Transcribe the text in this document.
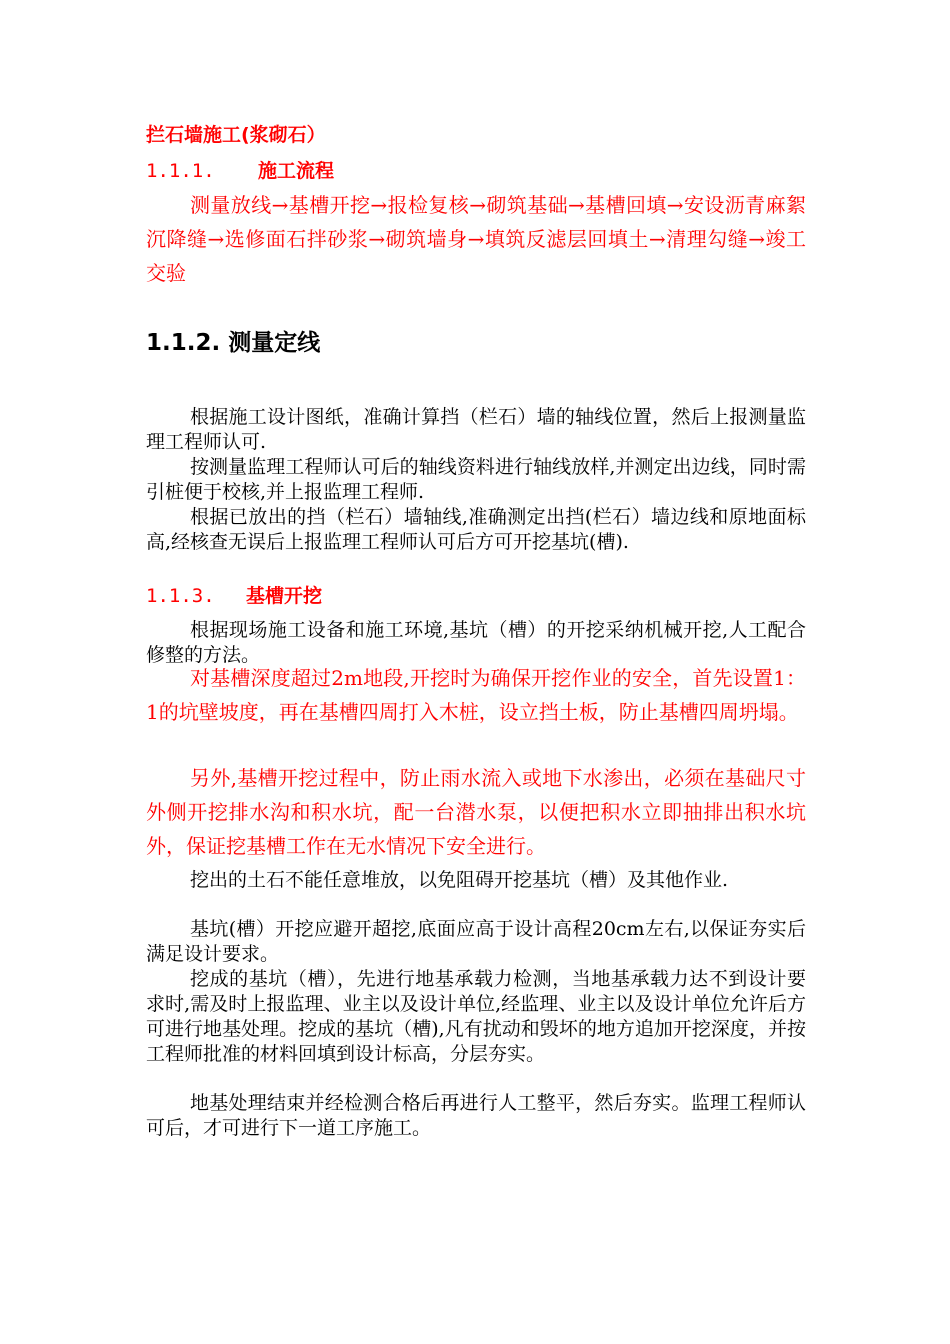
拦石墙施工(浆砌石）
1.1.1. 施工流程

测量放线→基槽开挖→报检复核→砌筑基础→基槽回填→安设沥青麻絮沉降缝→选修面石拌砂浆→砌筑墙身→填筑反滤层回填土→清理勾缝→竣工交验

1.1.2. 测量定线

根据施工设计图纸，准确计算挡（栏石）墙的轴线位置，然后上报测量监理工程师认可.

按测量监理工程师认可后的轴线资料进行轴线放样,并测定出边线，同时需引桩便于校核,并上报监理工程师.

根据已放出的挡（栏石）墙轴线,准确测定出挡(栏石）墙边线和原地面标高,经核查无误后上报监理工程师认可后方可开挖基坑(槽).

1.1.3. 基槽开挖

根据现场施工设备和施工环境,基坑（槽）的开挖采纳机械开挖,人工配合修整的方法。

对基槽深度超过2m地段,开挖时为确保开挖作业的安全，首先设置1：1的坑壁坡度，再在基槽四周打入木桩，设立挡土板，防止基槽四周坍塌。

另外,基槽开挖过程中，防止雨水流入或地下水渗出，必须在基础尺寸外侧开挖排水沟和积水坑，配一台潜水泵，以便把积水立即抽排出积水坑外，保证挖基槽工作在无水情况下安全进行。

挖出的土石不能任意堆放，以免阻碍开挖基坑（槽）及其他作业.

基坑(槽）开挖应避开超挖,底面应高于设计高程20cm左右,以保证夯实后满足设计要求。

挖成的基坑（槽），先进行地基承载力检测，当地基承载力达不到设计要求时,需及时上报监理、业主以及设计单位,经监理、业主以及设计单位允许后方可进行地基处理。挖成的基坑（槽),凡有扰动和毁坏的地方追加开挖深度，并按工程师批准的材料回填到设计标高，分层夯实。

地基处理结束并经检测合格后再进行人工整平，然后夯实。监理工程师认可后，才可进行下一道工序施工。
